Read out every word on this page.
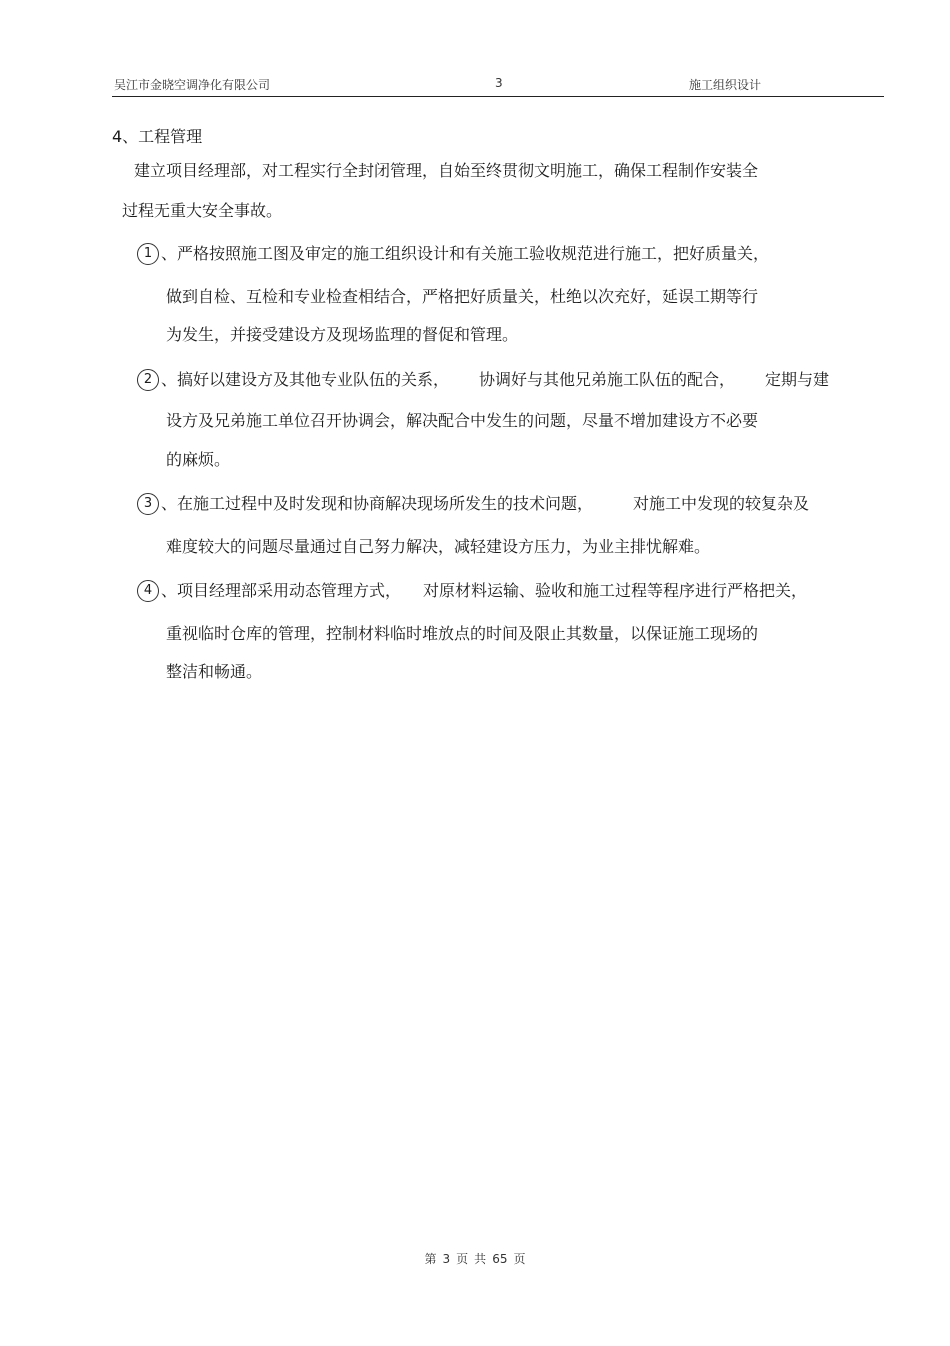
吴江市金晓空调净化有限公司	3	施工组织设计
4、工程管理
建立项目经理部，对工程实行全封闭管理，自始至终贯彻文明施工，确保工程制作安装全
过程无重大安全事故。
1 、严格按照施工图及审定的施工组织设计和有关施工验收规范进行施工，把好质量关，
做到自检、互检和专业检查相结合，严格把好质量关，杜绝以次充好，延误工期等行
为发生，并接受建设方及现场监理的督促和管理。
2 、搞好以建设方及其他专业队伍的关系， 协调好与其他兄弟施工队伍的配合， 定期与建
设方及兄弟施工单位召开协调会，解决配合中发生的问题，尽量不增加建设方不必要
的麻烦。
3 、在施工过程中及时发现和协商解决现场所发生的技术问题，	对施工中发现的较复杂及
难度较大的问题尽量通过自己努力解决，减轻建设方压力，为业主排忧解难。
4 、项目经理部采用动态管理方式， 对原材料运输、验收和施工过程等程序进行严格把关，
重视临时仓库的管理，控制材料临时堆放点的时间及限止其数量，以保证施工现场的
整洁和畅通。
第 3 页 共 65 页
